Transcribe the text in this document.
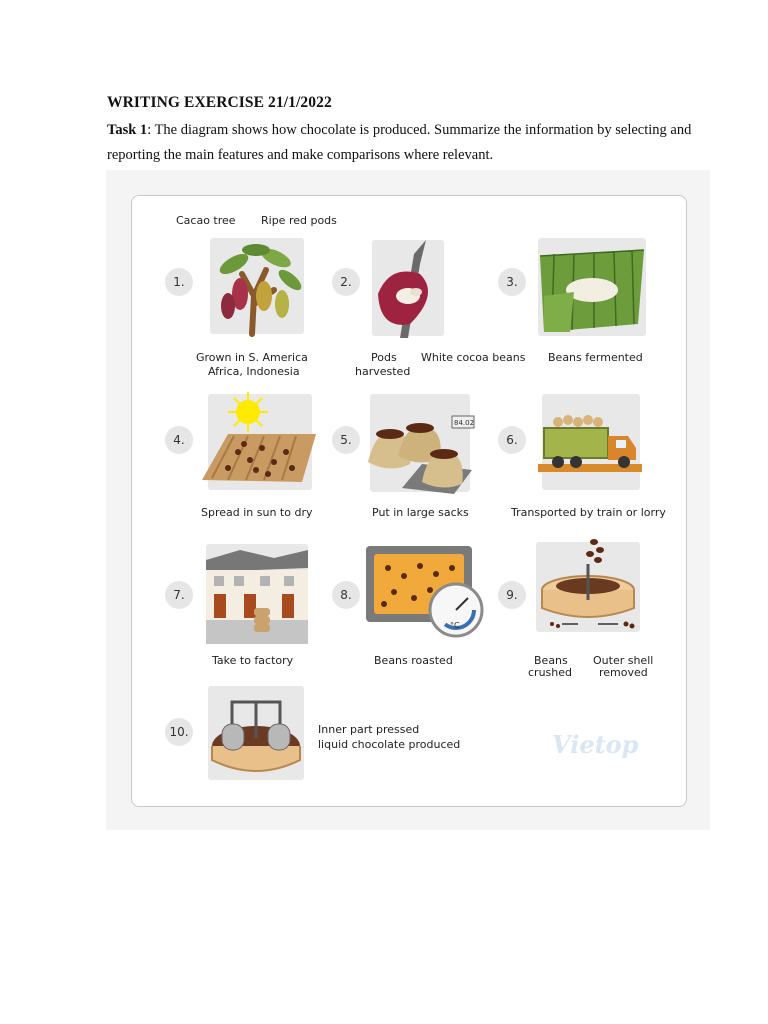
WRITING EXERCISE 21/1/2022
Task 1: The diagram shows how chocolate is produced. Summarize the information by selecting and reporting the main features and make comparisons where relevant.
Cacao tree Ripe red pods
1.	2.	3.
4.	5.	6.
7.	8.	9.
10.
84.02
°C
Grown in S. America
Africa, Indonesia
Pods
harvested
White cocoa beans Beans fermented
Spread in sun to dry	Put in large sacks	Transported by train or lorry
Take to factory	Beans roasted	Beans
crushed
Outer shell
removed
Inner part pressed
liquid chocolate produced	Vietop
